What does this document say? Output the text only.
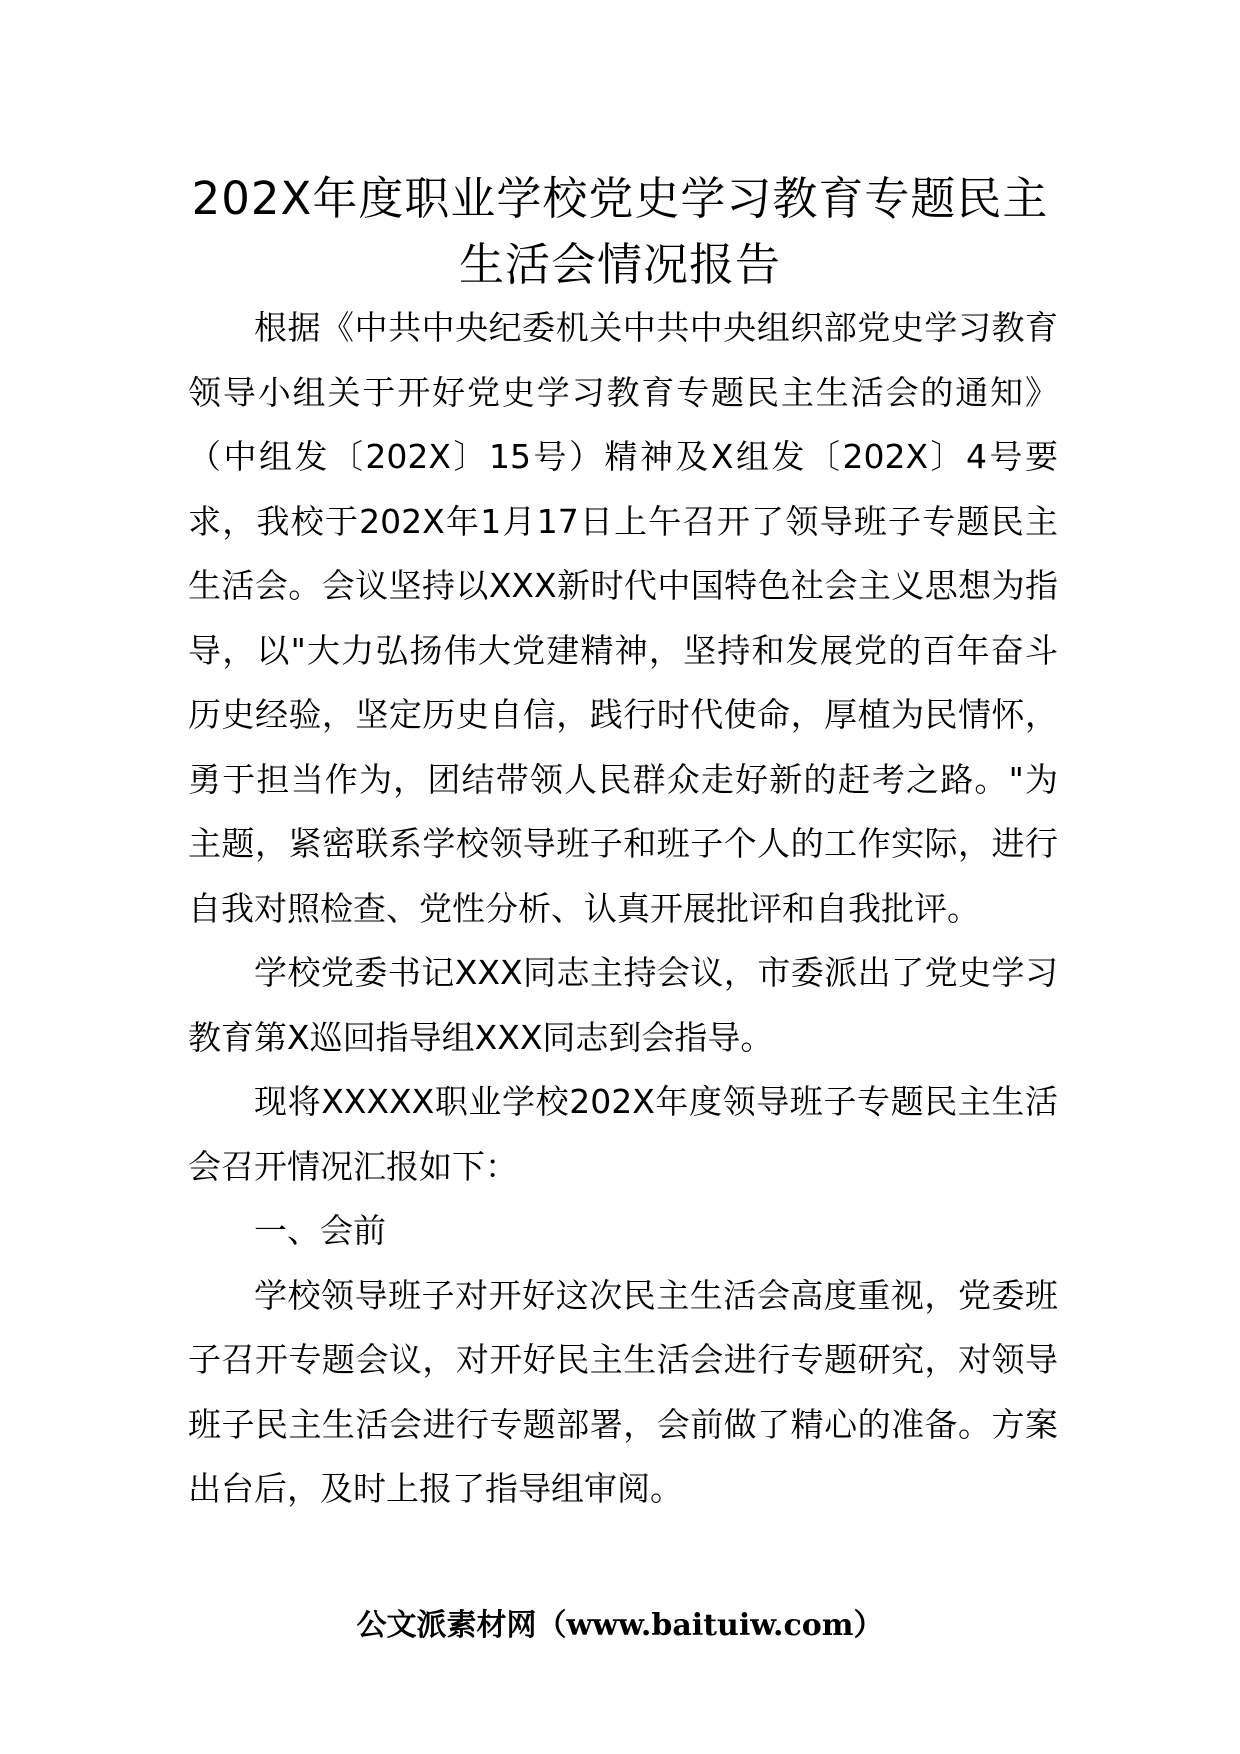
202X年度职业学校党史学习教育专题民主
生活会情况报告

根据《中共中央纪委机关中共中央组织部党史学习教育领导小组关于开好党史学习教育专题民主生活会的通知》（中组发〔202X〕15号）精神及X组发〔202X〕4号要求，我校于202X年1月17日上午召开了领导班子专题民主生活会。会议坚持以XXX新时代中国特色社会主义思想为指导，以"大力弘扬伟大党建精神，坚持和发展党的百年奋斗历史经验，坚定历史自信，践行时代使命，厚植为民情怀，勇于担当作为，团结带领人民群众走好新的赶考之路。"为主题，紧密联系学校领导班子和班子个人的工作实际，进行自我对照检查、党性分析、认真开展批评和自我批评。

学校党委书记XXX同志主持会议，市委派出了党史学习教育第X巡回指导组XXX同志到会指导。

现将XXXXX职业学校202X年度领导班子专题民主生活会召开情况汇报如下：

一、会前

学校领导班子对开好这次民主生活会高度重视，党委班子召开专题会议，对开好民主生活会进行专题研究，对领导班子民主生活会进行专题部署，会前做了精心的准备。方案出台后，及时上报了指导组审阅。

公文派素材网（www.baituiw.com）
